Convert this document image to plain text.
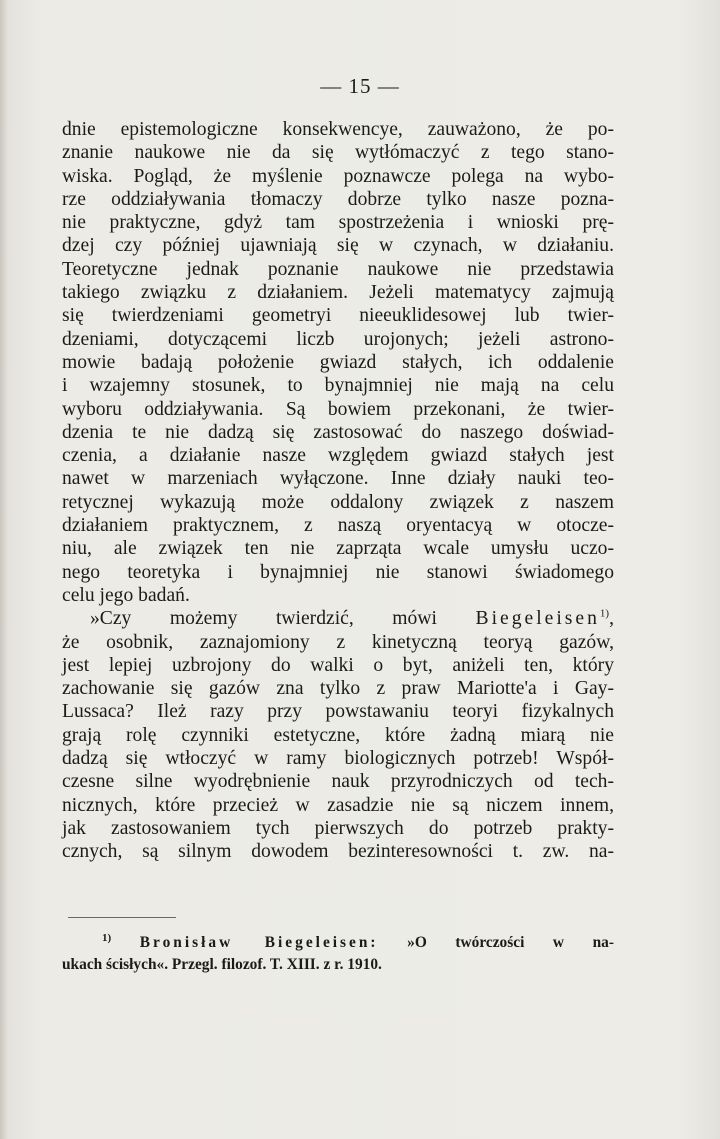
— 15 —
dnie epistemologiczne konsekwencye, zauważono, że po-
znanie naukowe nie da się wytłómaczyć z tego stano-
wiska. Pogląd, że myślenie poznawcze polega na wybo-
rze oddziaływania tłomaczy dobrze tylko nasze pozna-
nie praktyczne, gdyż tam spostrzeżenia i wnioski prę-
dzej czy później ujawniają się w czynach, w działaniu.
Teoretyczne jednak poznanie naukowe nie przedstawia
takiego związku z działaniem. Jeżeli matematycy zajmują
się twierdzeniami geometryi nieeuklidesowej lub twier-
dzeniami, dotyczącemi liczb urojonych; jeżeli astrono-
mowie badają położenie gwiazd stałych, ich oddalenie
i wzajemny stosunek, to bynajmniej nie mają na celu
wyboru oddziaływania. Są bowiem przekonani, że twier-
dzenia te nie dadzą się zastosować do naszego doświad-
czenia, a działanie nasze względem gwiazd stałych jest
nawet w marzeniach wyłączone. Inne działy nauki teo-
retycznej wykazują może oddalony związek z naszem
działaniem praktycznem, z naszą oryentacyą w otocze-
niu, ale związek ten nie zaprząta wcale umysłu uczo-
nego teoretyka i bynajmniej nie stanowi świadomego
celu jego badań.
»Czy możemy twierdzić, mówi Biegeleisen$^{1)}$,
że osobnik, zaznajomiony z kinetyczną teoryą gazów,
jest lepiej uzbrojony do walki o byt, aniżeli ten, który
zachowanie się gazów zna tylko z praw Mariotte'a i Gay-
Lussaca? Ileż razy przy powstawaniu teoryi fizykalnych
grają rolę czynniki estetyczne, które żadną miarą nie
dadzą się wtłoczyć w ramy biologicznych potrzeb! Współ-
czesne silne wyodrębnienie nauk przyrodniczych od tech-
nicznych, które przecież w zasadzie nie są niczem innem,
jak zastosowaniem tych pierwszych do potrzeb prakty-
cznych, są silnym dowodem bezinteresowności t. zw. na-
$^{1)}$ Bronisław Biegeleisen: »O twórczości w na-
ukach ścisłych«. Przegl. filozof. T. XIII. z r. 1910.
